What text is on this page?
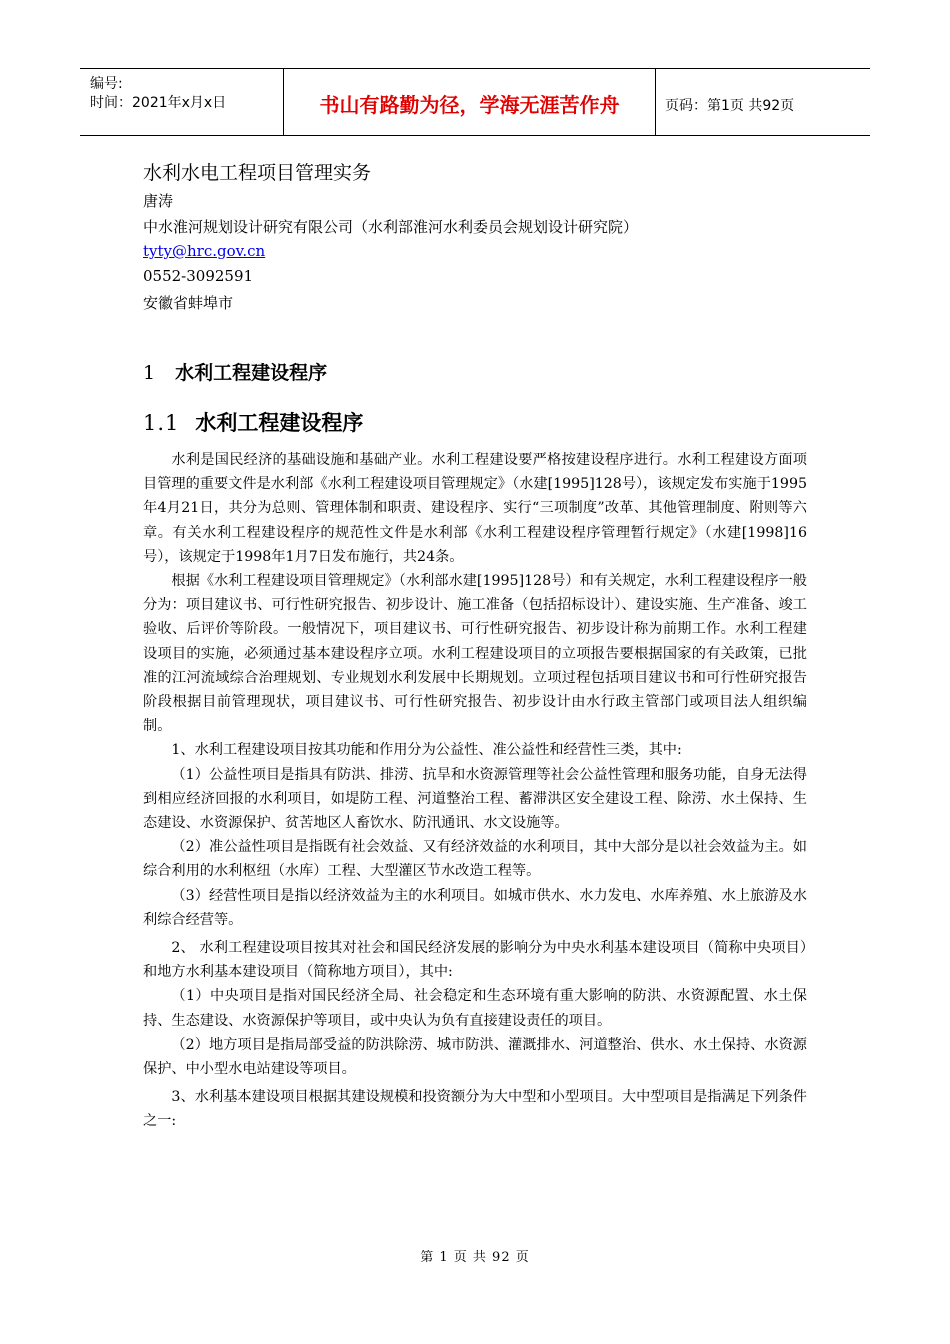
编号:
时间：2021年x月x日	书山有路勤为径，学海无涯苦作舟	页码：第1页 共92页
水利水电工程项目管理实务
唐涛
中水淮河规划设计研究有限公司（水利部淮河水利委员会规划设计研究院）
tyty@hrc.gov.cn
0552-3092591
安徽省蚌埠市
1 水利工程建设程序
1.1 水利工程建设程序

水利是国民经济的基础设施和基础产业。水利工程建设要严格按建设程序进行。水利工程建设方面项目管理的重要文件是水利部《水利工程建设项目管理规定》（水建[1995]128号），该规定发布实施于1995年4月21日，共分为总则、管理体制和职责、建设程序、实行“三项制度”改革、其他管理制度、附则等六章。有关水利工程建设程序的规范性文件是水利部《水利工程建设程序管理暂行规定》（水建[1998]16号），该规定于1998年1月7日发布施行，共24条。

根据《水利工程建设项目管理规定》（水利部水建[1995]128号）和有关规定，水利工程建设程序一般分为：项目建议书、可行性研究报告、初步设计、施工准备（包括招标设计）、建设实施、生产准备、竣工验收、后评价等阶段。一般情况下，项目建议书、可行性研究报告、初步设计称为前期工作。水利工程建设项目的实施，必须通过基本建设程序立项。水利工程建设项目的立项报告要根据国家的有关政策，已批准的江河流域综合治理规划、专业规划水利发展中长期规划。立项过程包括项目建议书和可行性研究报告阶段根据目前管理现状，项目建议书、可行性研究报告、初步设计由水行政主管部门或项目法人组织编制。

1、水利工程建设项目按其功能和作用分为公益性、准公益性和经营性三类，其中:

（1）公益性项目是指具有防洪、排涝、抗旱和水资源管理等社会公益性管理和服务功能，自身无法得到相应经济回报的水利项目，如堤防工程、河道整治工程、蓄滞洪区安全建设工程、除涝、水土保持、生态建设、水资源保护、贫苦地区人畜饮水、防汛通讯、水文设施等。

（2）准公益性项目是指既有社会效益、又有经济效益的水利项目，其中大部分是以社会效益为主。如综合利用的水利枢纽（水库）工程、大型灌区节水改造工程等。

（3）经营性项目是指以经济效益为主的水利项目。如城市供水、水力发电、水库养殖、水上旅游及水利综合经营等。

2、 水利工程建设项目按其对社会和国民经济发展的影响分为中央水利基本建设项目（简称中央项目）和地方水利基本建设项目（简称地方项目），其中:

（1）中央项目是指对国民经济全局、社会稳定和生态环境有重大影响的防洪、水资源配置、水土保持、生态建设、水资源保护等项目，或中央认为负有直接建设责任的项目。

（2）地方项目是指局部受益的防洪除涝、城市防洪、灌溉排水、河道整治、供水、水土保持、水资源保护、中小型水电站建设等项目。

3、水利基本建设项目根据其建设规模和投资额分为大中型和小型项目。大中型项目是指满足下列条件之一:

第 1 页 共 92 页
